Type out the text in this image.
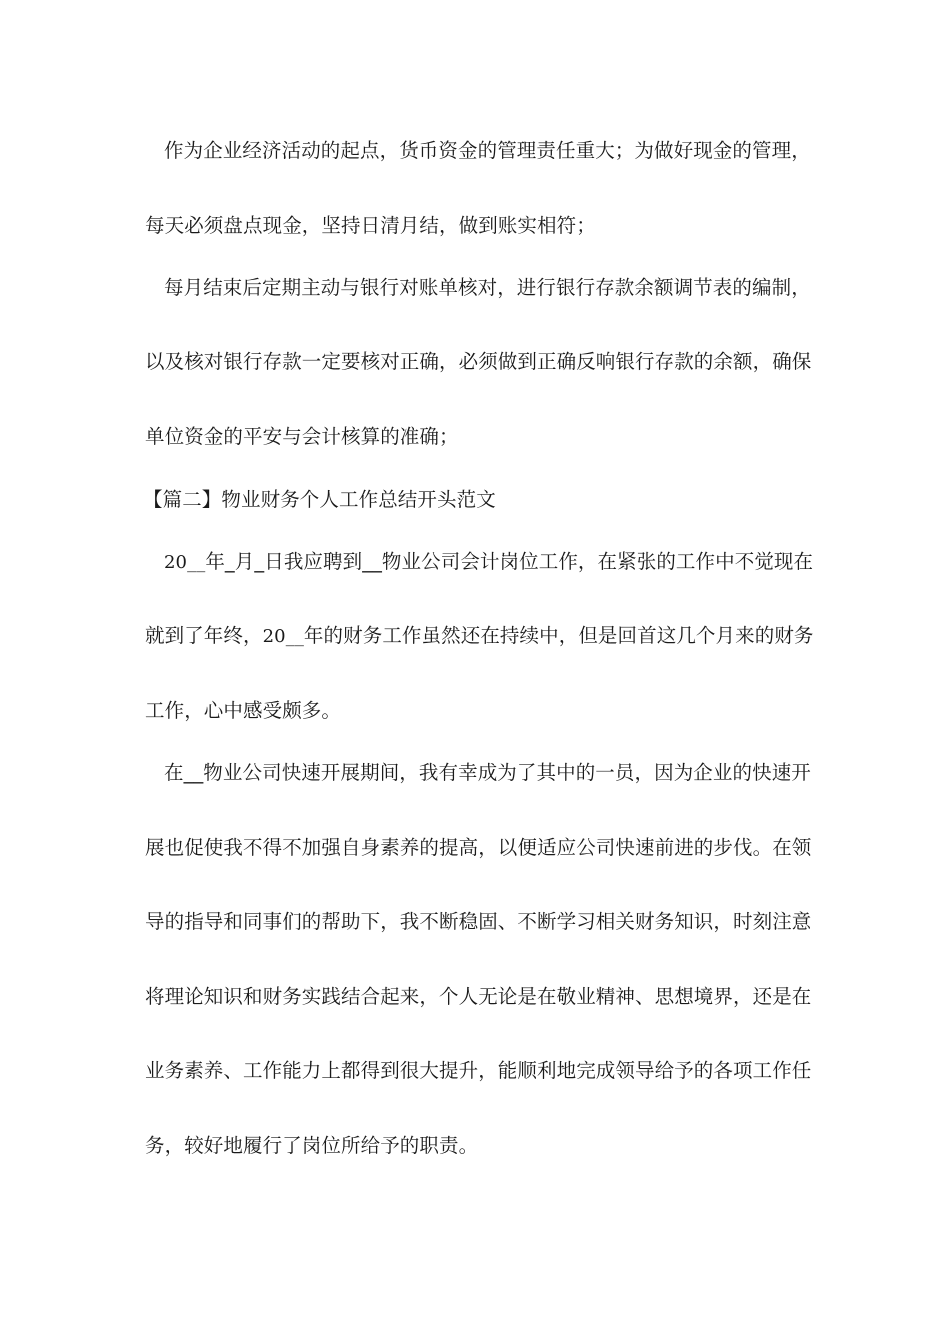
作为企业经济活动的起点，货币资金的管理责任重大；为做好现金的管理，
每天必须盘点现金，坚持日清月结，做到账实相符；
每月结束后定期主动与银行对账单核对，进行银行存款余额调节表的编制，
以及核对银行存款一定要核对正确，必须做到正确反响银行存款的余额，确保
单位资金的平安与会计核算的准确；
【篇二】物业财务个人工作总结开头范文
20__年_月_日我应聘到__物业公司会计岗位工作，在紧张的工作中不觉现在
就到了年终，20__年的财务工作虽然还在持续中，但是回首这几个月来的财务
工作，心中感受颇多。
在__物业公司快速开展期间，我有幸成为了其中的一员，因为企业的快速开
展也促使我不得不加强自身素养的提高，以便适应公司快速前进的步伐。在领
导的指导和同事们的帮助下，我不断稳固、不断学习相关财务知识，时刻注意
将理论知识和财务实践结合起来，个人无论是在敬业精神、思想境界，还是在
业务素养、工作能力上都得到很大提升，能顺利地完成领导给予的各项工作任
务，较好地履行了岗位所给予的职责。
